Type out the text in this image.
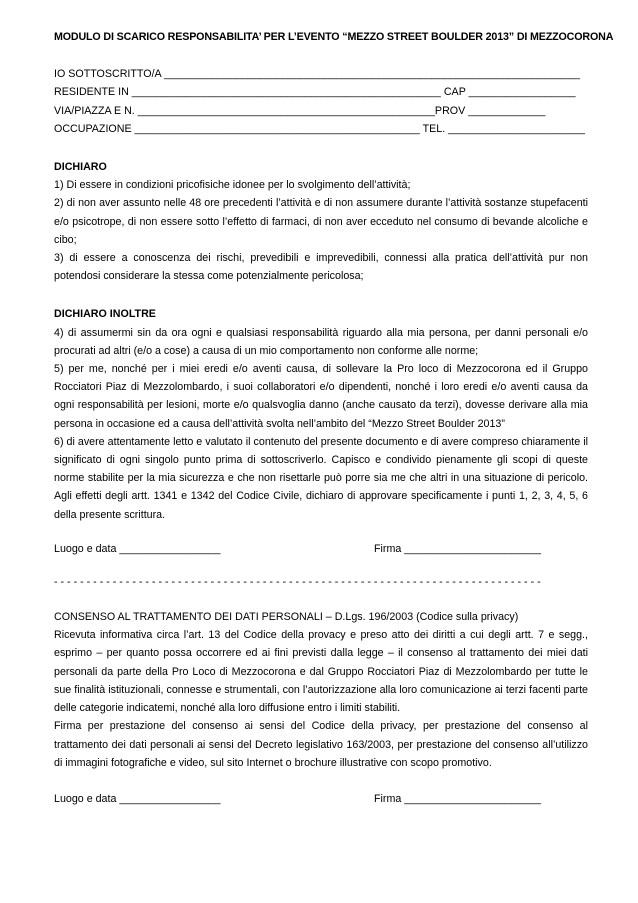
MODULO DI SCARICO RESPONSABILITA’ PER L’EVENTO “MEZZO STREET BOULDER 2013” DI MEZZOCORONA

IO SOTTOSCRITTO/A ______________________________________________________________________

RESIDENTE IN ____________________________________________________ CAP __________________

VIA/PIAZZA E N. __________________________________________________PROV _____________

OCCUPAZIONE ________________________________________________ TEL. _______________________

DICHIARO

1) Di essere in condizioni pricofisiche idonee per lo svolgimento dell’attività;

2) di non aver assunto nelle 48 ore precedenti l’attività e di non assumere durante l’attività sostanze stupefacenti e/o psicotrope, di non essere sotto l’effetto di farmaci, di non aver ecceduto nel consumo di bevande alcoliche e cibo;

3) di essere a conoscenza dei rischi, prevedibili e imprevedibili, connessi alla pratica dell’attività pur non potendosi considerare la stessa come potenzialmente pericolosa;

DICHIARO INOLTRE

4) di assumermi sin da ora ogni e qualsiasi responsabilità riguardo alla mia persona, per danni personali e/o procurati ad altri (e/o a cose) a causa di un mio comportamento non conforme alle norme;

5) per me, nonché per i miei eredi e/o aventi causa, di sollevare la Pro loco di Mezzocorona ed il Gruppo Rocciatori Piaz di Mezzolombardo, i suoi collaboratori e/o dipendenti, nonché i loro eredi e/o aventi causa da ogni responsabilità per lesioni, morte e/o qualsvoglia danno (anche causato da terzi), dovesse derivare alla mia persona in occasione ed a causa dell’attività svolta nell’ambito del “Mezzo Street Boulder 2013”

6) di avere attentamente letto e valutato il contenuto del presente documento e di avere compreso chiaramente il significato di ogni singolo punto prima di sottoscriverlo. Capisco e condivido pienamente gli scopi di queste norme stabilite per la mia sicurezza e che non risettarle può porre sia me che altri in una situazione di pericolo. Agli effetti degli artt. 1341 e 1342 del Codice Civile, dichiaro di approvare specificamente i punti 1, 2, 3, 4, 5, 6 della presente scrittura.

Luogo e data _________________	Firma _______________________

- - - - - - - - - - - - - - - - - - - - - - - - - - - - - - - - - - - - - - - - - - - - - - - - - - - - - - - - - - - - - - - - - - - - - - - - - - -

CONSENSO AL TRATTAMENTO DEI DATI PERSONALI – D.Lgs. 196/2003 (Codice sulla privacy)

Ricevuta informativa circa l’art. 13 del Codice della provacy e preso atto dei diritti a cui degli artt. 7 e segg., esprimo – per quanto possa occorrere ed ai fini previsti dalla legge – il consenso al trattamento dei miei dati personali da parte della Pro Loco di Mezzocorona e dal Gruppo Rocciatori Piaz di Mezzolombardo per tutte le sue finalità istituzionali, connesse e strumentali, con l’autorizzazione alla loro comunicazione ai terzi facenti parte delle categorie indicatemi, nonché alla loro diffusione entro i limiti stabiliti.

Firma per prestazione del consenso ai sensi del Codice della privacy, per prestazione del consenso al trattamento dei dati personali ai sensi del Decreto legislativo 163/2003, per prestazione del consenso all’utilizzo di immagini fotografiche e video, sul sito Internet o brochure illustrative con scopo promotivo.

Luogo e data _________________	Firma _______________________
